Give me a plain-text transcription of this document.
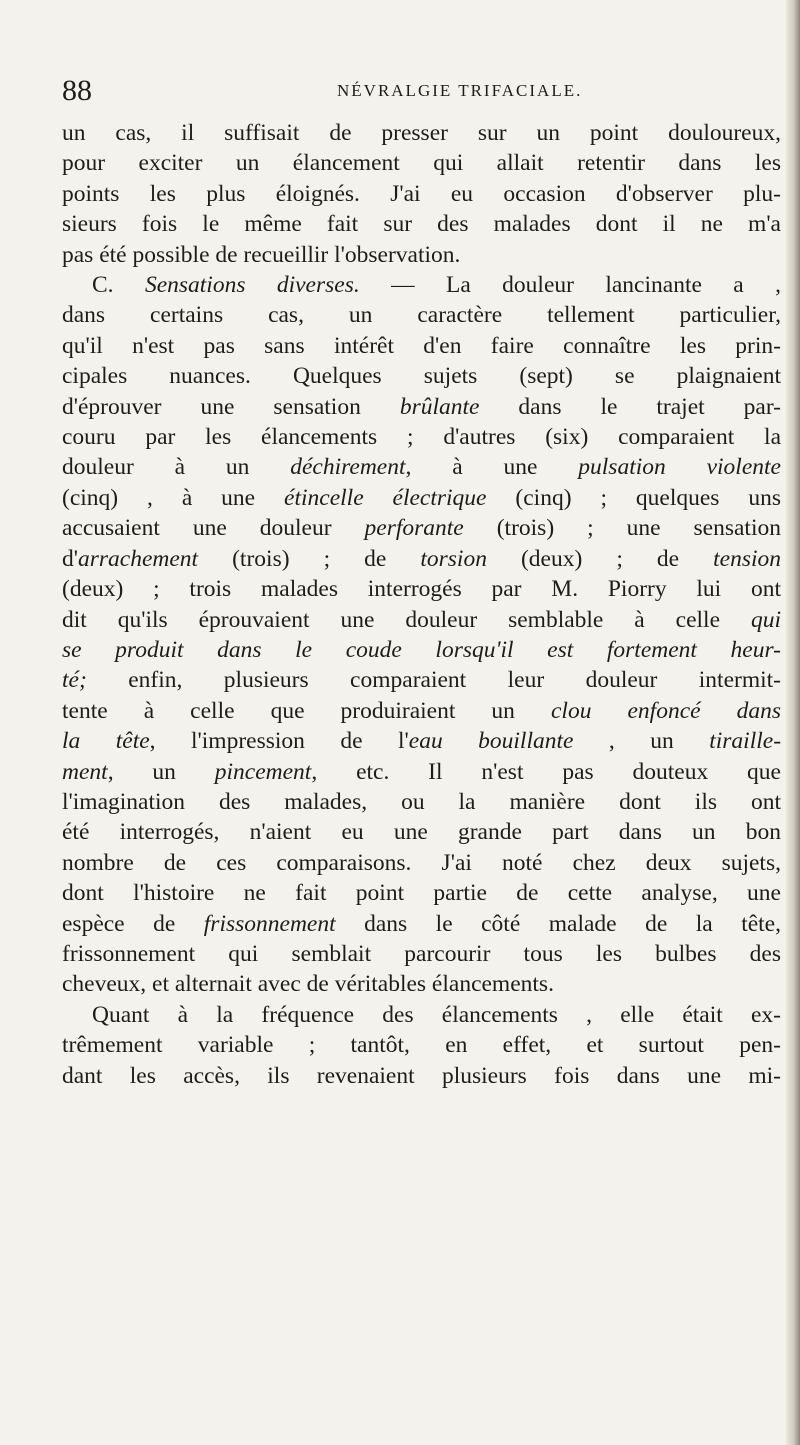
88	NÉVRALGIE TRIFACIALE.
un cas, il suffisait de presser sur un point douloureux,
pour exciter un élancement qui allait retentir dans les
points les plus éloignés. J'ai eu occasion d'observer plu-
sieurs fois le même fait sur des malades dont il ne m'a
pas été possible de recueillir l'observation.
C. Sensations diverses. — La douleur lancinante a ,
dans certains cas, un caractère tellement particulier,
qu'il n'est pas sans intérêt d'en faire connaître les prin-
cipales nuances. Quelques sujets (sept) se plaignaient
d'éprouver une sensation brûlante dans le trajet par-
couru par les élancements ; d'autres (six) comparaient la
douleur à un déchirement, à une pulsation violente
(cinq) , à une étincelle électrique (cinq) ; quelques uns
accusaient une douleur perforante (trois) ; une sensation
d'arrachement (trois) ; de torsion (deux) ; de tension
(deux) ; trois malades interrogés par M. Piorry lui ont
dit qu'ils éprouvaient une douleur semblable à celle qui
se produit dans le coude lorsqu'il est fortement heur-
té; enfin, plusieurs comparaient leur douleur intermit-
tente à celle que produiraient un clou enfoncé dans
la tête, l'impression de l'eau bouillante , un tiraille-
ment, un pincement, etc. Il n'est pas douteux que
l'imagination des malades, ou la manière dont ils ont
été interrogés, n'aient eu une grande part dans un bon
nombre de ces comparaisons. J'ai noté chez deux sujets,
dont l'histoire ne fait point partie de cette analyse, une
espèce de frissonnement dans le côté malade de la tête,
frissonnement qui semblait parcourir tous les bulbes des
cheveux, et alternait avec de véritables élancements.
Quant à la fréquence des élancements , elle était ex-
trêmement variable ; tantôt, en effet, et surtout pen-
dant les accès, ils revenaient plusieurs fois dans une mi-
